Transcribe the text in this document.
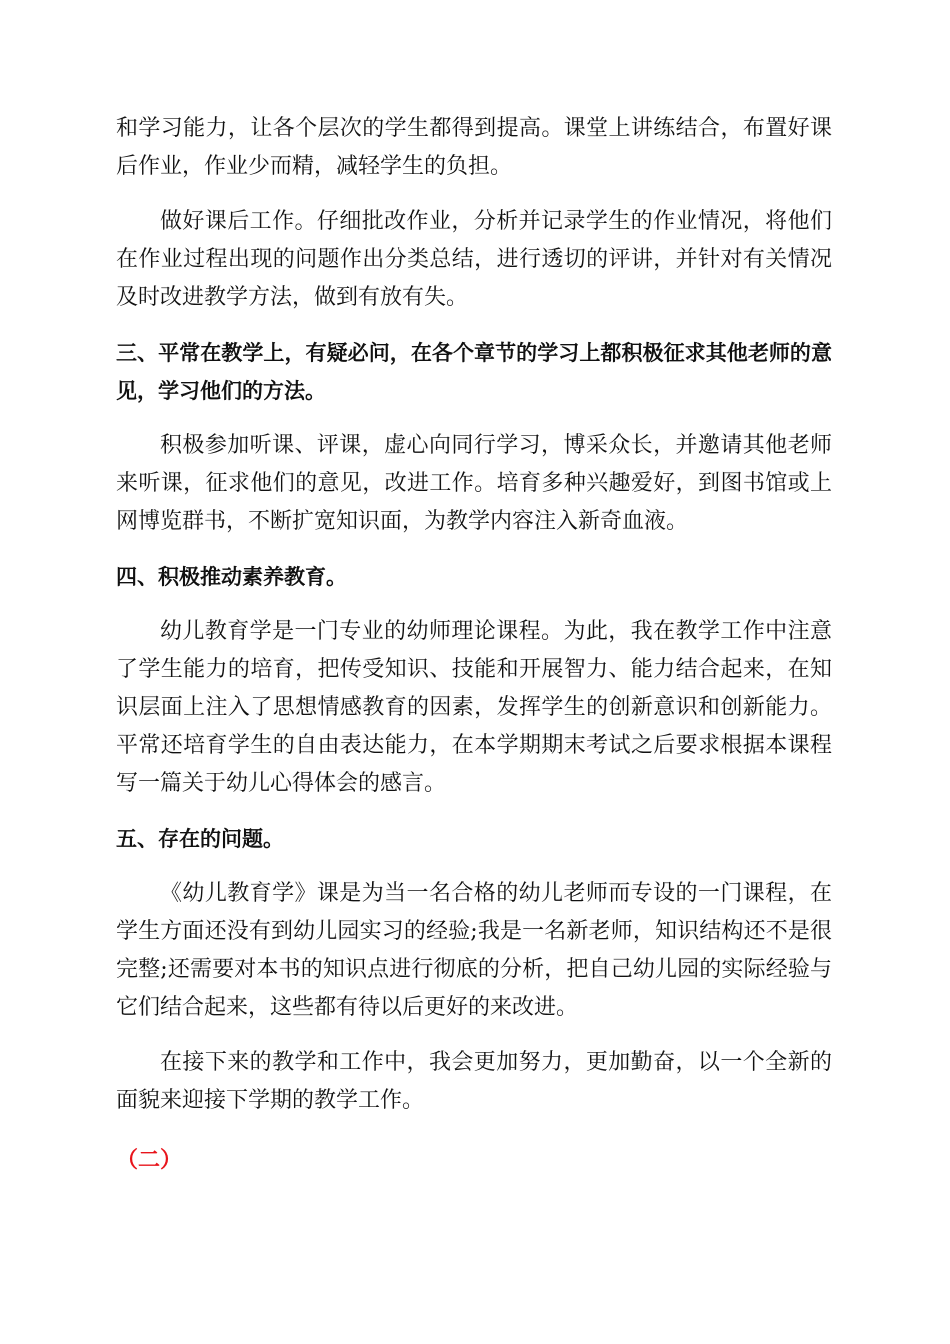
和学习能力，让各个层次的学生都得到提高。课堂上讲练结合，布置好课后作业，作业少而精，减轻学生的负担。

做好课后工作。仔细批改作业，分析并记录学生的作业情况，将他们在作业过程出现的问题作出分类总结，进行透切的评讲，并针对有关情况及时改进教学方法，做到有放有失。

三、平常在教学上，有疑必问，在各个章节的学习上都积极征求其他老师的意见，学习他们的方法。

积极参加听课、评课，虚心向同行学习，博采众长，并邀请其他老师来听课，征求他们的意见，改进工作。培育多种兴趣爱好，到图书馆或上网博览群书，不断扩宽知识面，为教学内容注入新奇血液。

四、积极推动素养教育。

幼儿教育学是一门专业的幼师理论课程。为此，我在教学工作中注意了学生能力的培育，把传受知识、技能和开展智力、能力结合起来，在知识层面上注入了思想情感教育的因素，发挥学生的创新意识和创新能力。平常还培育学生的自由表达能力，在本学期期末考试之后要求根据本课程写一篇关于幼儿心得体会的感言。

五、存在的问题。

《幼儿教育学》课是为当一名合格的幼儿老师而专设的一门课程，在学生方面还没有到幼儿园实习的经验;我是一名新老师，知识结构还不是很完整;还需要对本书的知识点进行彻底的分析，把自己幼儿园的实际经验与它们结合起来，这些都有待以后更好的来改进。

在接下来的教学和工作中，我会更加努力，更加勤奋，以一个全新的面貌来迎接下学期的教学工作。

（二）
